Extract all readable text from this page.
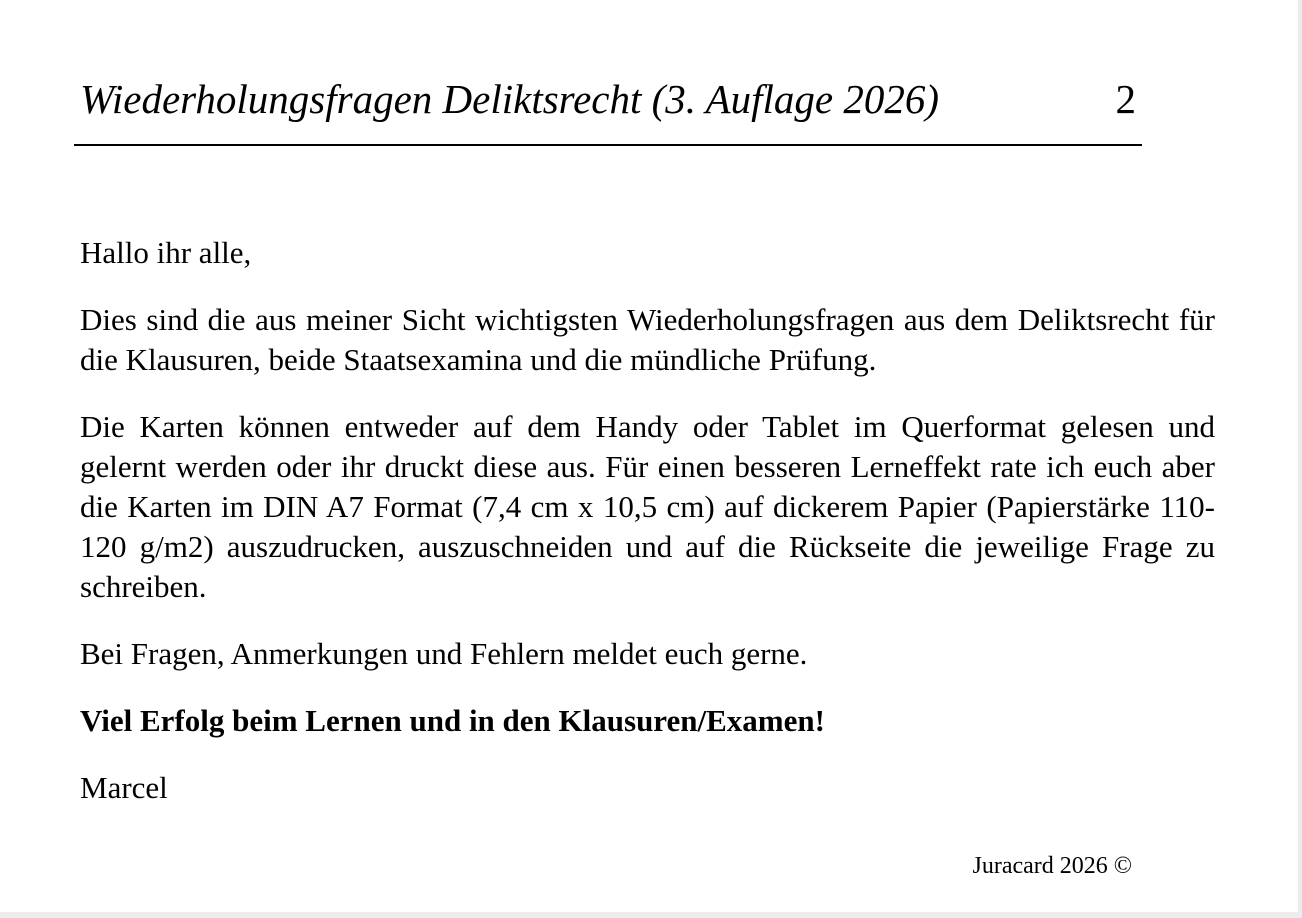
Wiederholungsfragen Deliktsrecht (3. Auflage 2026)	2

Hallo ihr alle,

Dies sind die aus meiner Sicht wichtigsten Wiederholungsfragen aus dem Deliktsrecht für die Klausuren, beide Staatsexamina und die mündliche Prüfung.

Die Karten können entweder auf dem Handy oder Tablet im Querformat gelesen und gelernt werden oder ihr druckt diese aus. Für einen besseren Lerneffekt rate ich euch aber die Karten im DIN A7 Format (7,4 cm x 10,5 cm) auf dickerem Papier (Papierstärke 110-120 g/m2) auszudrucken, auszuschneiden und auf die Rückseite die jeweilige Frage zu schreiben.

Bei Fragen, Anmerkungen und Fehlern meldet euch gerne.

Viel Erfolg beim Lernen und in den Klausuren/Examen!

Marcel

Juracard 2026 ©
